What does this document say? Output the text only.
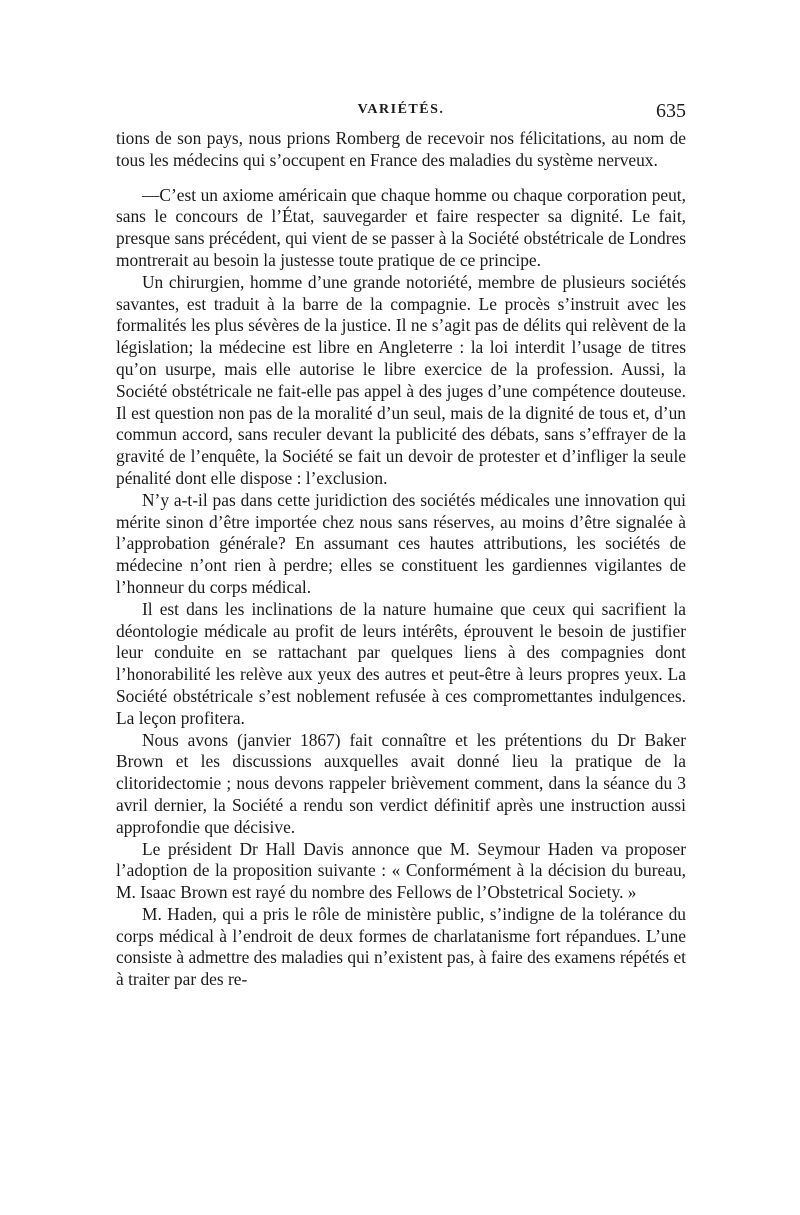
VARIÉTÉS.	635

tions de son pays, nous prions Romberg de recevoir nos félicitations, au nom de tous les médecins qui s’occupent en France des maladies du système nerveux.

—C’est un axiome américain que chaque homme ou chaque corporation peut, sans le concours de l’État, sauvegarder et faire respecter sa dignité. Le fait, presque sans précédent, qui vient de se passer à la Société obstétricale de Londres montrerait au besoin la justesse toute pratique de ce principe.

Un chirurgien, homme d’une grande notoriété, membre de plusieurs sociétés savantes, est traduit à la barre de la compagnie. Le procès s’instruit avec les formalités les plus sévères de la justice. Il ne s’agit pas de délits qui relèvent de la législation; la médecine est libre en Angleterre : la loi interdit l’usage de titres qu’on usurpe, mais elle autorise le libre exercice de la profession. Aussi, la Société obstétricale ne fait-elle pas appel à des juges d’une compétence douteuse. Il est question non pas de la moralité d’un seul, mais de la dignité de tous et, d’un commun accord, sans reculer devant la publicité des débats, sans s’effrayer de la gravité de l’enquête, la Société se fait un devoir de protester et d’infliger la seule pénalité dont elle dispose : l’exclusion.

N’y a-t-il pas dans cette juridiction des sociétés médicales une innovation qui mérite sinon d’être importée chez nous sans réserves, au moins d’être signalée à l’approbation générale? En assumant ces hautes attributions, les sociétés de médecine n’ont rien à perdre; elles se constituent les gardiennes vigilantes de l’honneur du corps médical.

Il est dans les inclinations de la nature humaine que ceux qui sacrifient la déontologie médicale au profit de leurs intérêts, éprouvent le besoin de justifier leur conduite en se rattachant par quelques liens à des compagnies dont l’honorabilité les relève aux yeux des autres et peut-être à leurs propres yeux. La Société obstétricale s’est noblement refusée à ces compromettantes indulgences. La leçon profitera.

Nous avons (janvier 1867) fait connaître et les prétentions du Dr Baker Brown et les discussions auxquelles avait donné lieu la pratique de la clitoridectomie ; nous devons rappeler brièvement comment, dans la séance du 3 avril dernier, la Société a rendu son verdict définitif après une instruction aussi approfondie que décisive.

Le président Dr Hall Davis annonce que M. Seymour Haden va proposer l’adoption de la proposition suivante : « Conformément à la décision du bureau, M. Isaac Brown est rayé du nombre des Fellows de l’Obstetrical Society. »

M. Haden, qui a pris le rôle de ministère public, s’indigne de la tolérance du corps médical à l’endroit de deux formes de charlatanisme fort répandues. L’une consiste à admettre des maladies qui n’existent pas, à faire des examens répétés et à traiter par des re-
